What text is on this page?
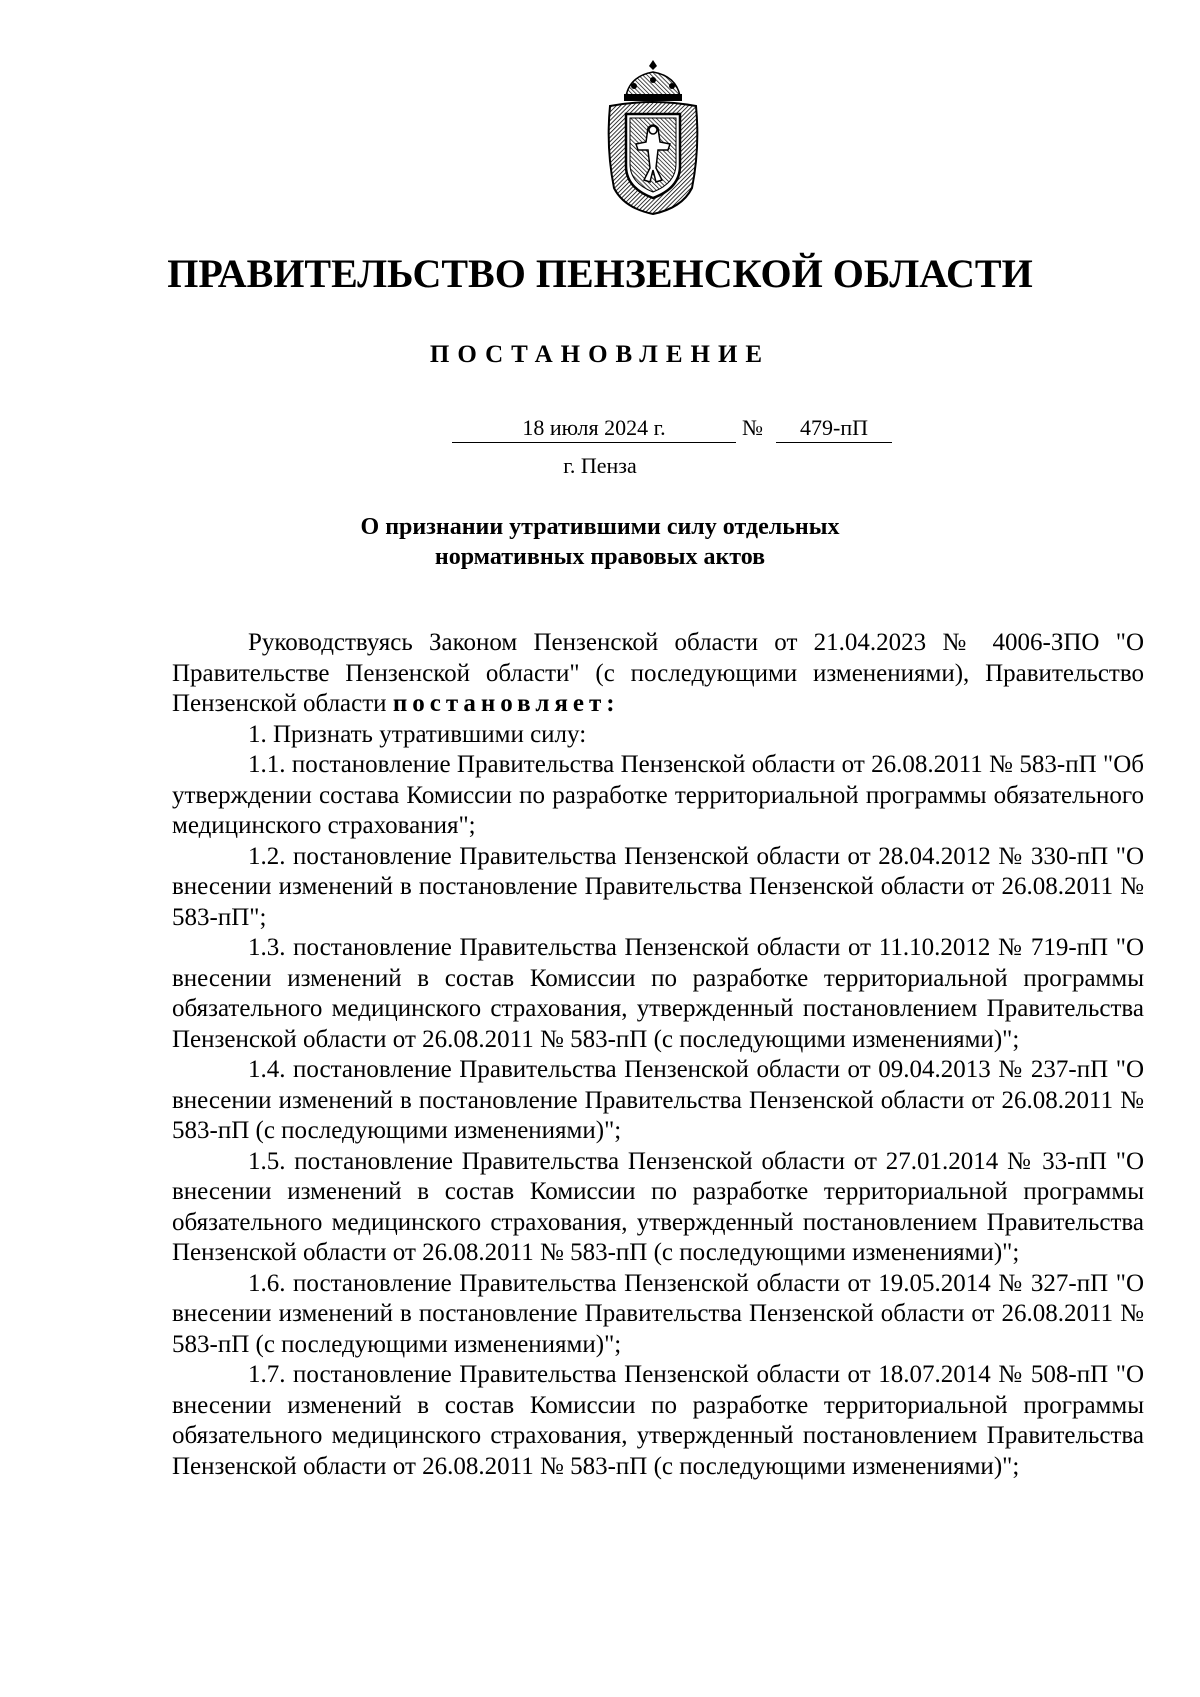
ПРАВИТЕЛЬСТВО ПЕНЗЕНСКОЙ ОБЛАСТИ
ПОСТАНОВЛЕНИЕ
18 июля 2024 г.	№	479-пП
г. Пенза
О признании утратившими силу отдельных
нормативных правовых актов

Руководствуясь Законом Пензенской области от 21.04.2023 № 4006-ЗПО "О Правительстве Пензенской области" (с последующими изменениями), Правительство Пензенской области постановляет:

1. Признать утратившими силу:

1.1. постановление Правительства Пензенской области от 26.08.2011 № 583-пП "Об утверждении состава Комиссии по разработке территориальной программы обязательного медицинского страхования";

1.2. постановление Правительства Пензенской области от 28.04.2012 № 330-пП "О внесении изменений в постановление Правительства Пензенской области от 26.08.2011 № 583-пП";

1.3. постановление Правительства Пензенской области от 11.10.2012 № 719-пП "О внесении изменений в состав Комиссии по разработке территориальной программы обязательного медицинского страхования, утвержденный постановлением Правительства Пензенской области от 26.08.2011 № 583-пП (с последующими изменениями)";

1.4. постановление Правительства Пензенской области от 09.04.2013 № 237-пП "О внесении изменений в постановление Правительства Пензенской области от 26.08.2011 № 583-пП (с последующими изменениями)";

1.5. постановление Правительства Пензенской области от 27.01.2014 № 33-пП "О внесении изменений в состав Комиссии по разработке территориальной программы обязательного медицинского страхования, утвержденный постановлением Правительства Пензенской области от 26.08.2011 № 583-пП (с последующими изменениями)";

1.6. постановление Правительства Пензенской области от 19.05.2014 № 327-пП "О внесении изменений в постановление Правительства Пензенской области от 26.08.2011 № 583-пП (с последующими изменениями)";

1.7. постановление Правительства Пензенской области от 18.07.2014 № 508-пП "О внесении изменений в состав Комиссии по разработке территориальной программы обязательного медицинского страхования, утвержденный постановлением Правительства Пензенской области от 26.08.2011 № 583-пП (с последующими изменениями)";
